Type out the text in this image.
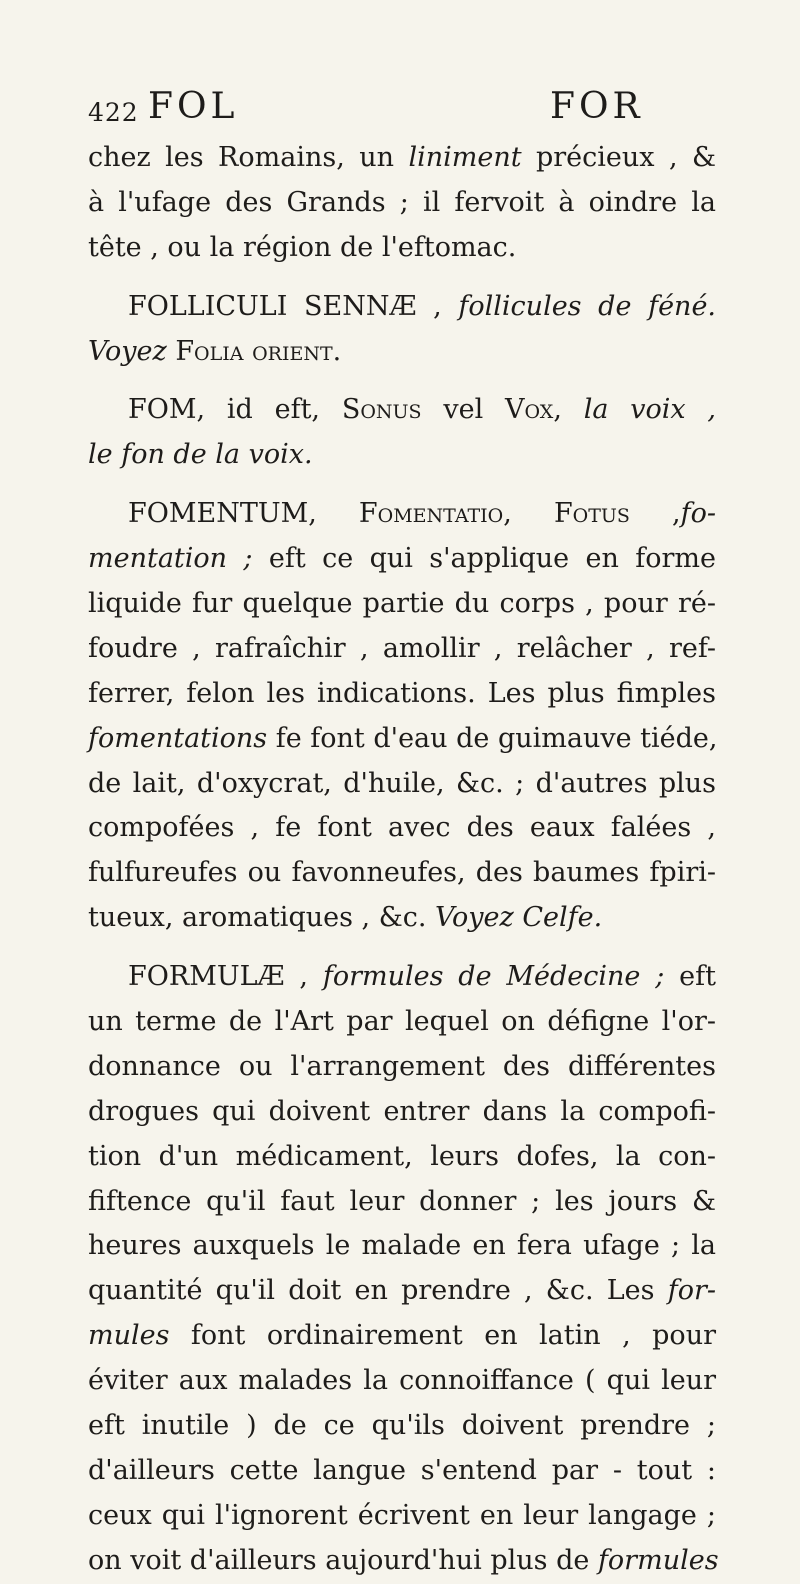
422 FOL	FOR
chez les Romains, un liniment précieux , &
à l'ufage des Grands ; il fervoit à oindre la
tête , ou la région de l'eftomac.
FOLLICULI SENNÆ , follicules de féné.
Voyez Folia orient.
FOM, id eft, Sonus vel Vox, la voix ,
le fon de la voix.
FOMENTUM, Fomentatio, Fotus ,fo-
mentation ; eft ce qui s'applique en forme
liquide fur quelque partie du corps , pour ré-
foudre , rafraîchir , amollir , relâcher , ref-
ferrer, felon les indications. Les plus fimples
fomentations fe font d'eau de guimauve tiéde,
de lait, d'oxycrat, d'huile, &c. ; d'autres plus
compofées , fe font avec des eaux falées ,
fulfureufes ou favonneufes, des baumes fpiri-
tueux, aromatiques , &c. Voyez Celfe.
FORMULÆ , formules de Médecine ; eft
un terme de l'Art par lequel on défigne l'or-
donnance ou l'arrangement des différentes
drogues qui doivent entrer dans la compofi-
tion d'un médicament, leurs dofes, la con-
fiftence qu'il faut leur donner ; les jours &
heures auxquels le malade en fera ufage ; la
quantité qu'il doit en prendre , &c. Les for-
mules font ordinairement en latin , pour
éviter aux malades la connoiffance ( qui leur
eft inutile ) de ce qu'ils doivent prendre ;
d'ailleurs cette langue s'entend par - tout :
ceux qui l'ignorent écrivent en leur langage ;
on voit d'ailleurs aujourd'hui plus de formules
